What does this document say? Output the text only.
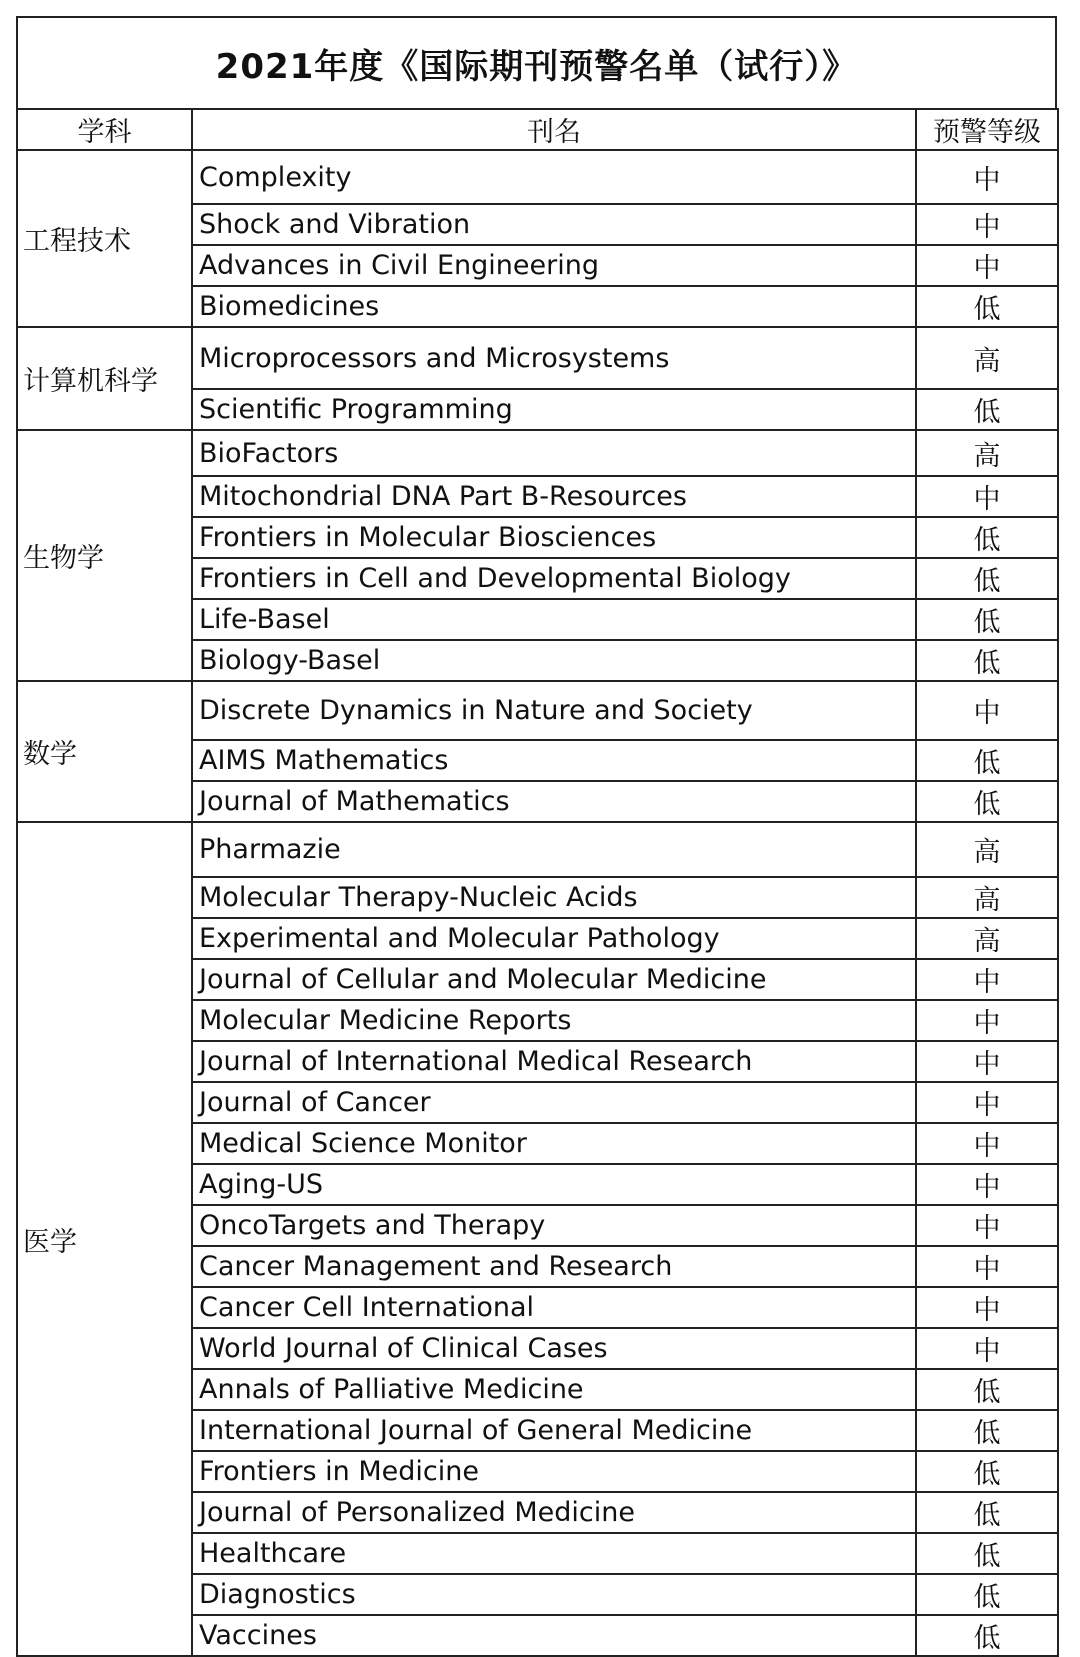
2021年度《国际期刊预警名单（试行）》
学科	刊名	预警等级
工程技术	Complexity	中
	Shock and Vibration	中
	Advances in Civil Engineering	中
	Biomedicines	低
计算机科学	Microprocessors and Microsystems	高
	Scientific Programming	低
生物学	BioFactors	高
	Mitochondrial DNA Part B-Resources	中
	Frontiers in Molecular Biosciences	低
	Frontiers in Cell and Developmental Biology	低
	Life-Basel	低
	Biology-Basel	低
数学	Discrete Dynamics in Nature and Society	中
	AIMS Mathematics	低
	Journal of Mathematics	低
医学	Pharmazie	高
	Molecular Therapy-Nucleic Acids	高
	Experimental and Molecular Pathology	高
	Journal of Cellular and Molecular Medicine	中
	Molecular Medicine Reports	中
	Journal of International Medical Research	中
	Journal of Cancer	中
	Medical Science Monitor	中
	Aging-US	中
	OncoTargets and Therapy	中
	Cancer Management and Research	中
	Cancer Cell International	中
	World Journal of Clinical Cases	中
	Annals of Palliative Medicine	低
	International Journal of General Medicine	低
	Frontiers in Medicine	低
	Journal of Personalized Medicine	低
	Healthcare	低
	Diagnostics	低
	Vaccines	低
